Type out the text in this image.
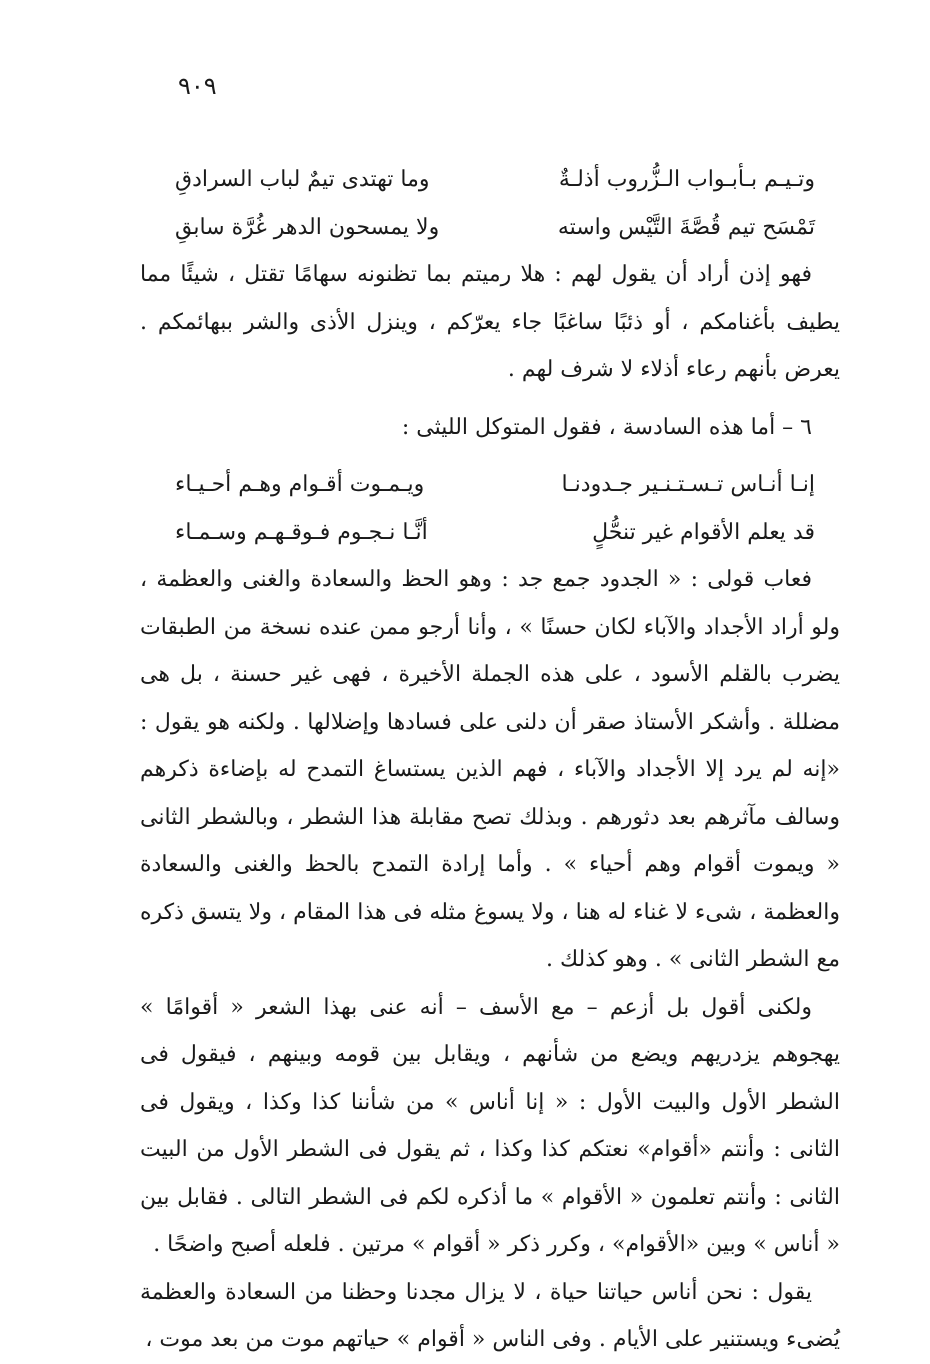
٩٠٩
وتـيـم بـأبـواب الـزُّروب أذلـةٌ
وما تهتدى تيمٌ لباب السرادقِ
تَمْسَح تيم قُصَّةَ التَّيْس واسته
ولا يمسحون الدهر غُرَّة سابقِ

فهو إذن أراد أن يقول لهم : هلا رميتم بما تظنونه سهامًا تقتل ، شيئًا مما يطيف بأغنامكم ، أو ذئبًا ساغبًا جاء يعرّكم ، وينزل الأذى والشر ببهائمكم . يعرض بأنهم رعاء أذلاء لا شرف لهم .

٦ – أما هذه السادسة ، فقول المتوكل الليثى :

إنـا أنـاس تـسـتـنـير جـدودنـا
ويـمـوت أقـوام وهـم أحـيـاء
قد يعلم الأقوام غير تنحُّلٍ
أنَّـا نـجـوم فـوقـهـم وسـمـاء

فعاب قولى : « الجدود جمع جد : وهو الحظ والسعادة والغنى والعظمة ، ولو أراد الأجداد والآباء لكان حسنًا » ، وأنا أرجو ممن عنده نسخة من الطبقات يضرب بالقلم الأسود ، على هذه الجملة الأخيرة ، فهى غير حسنة ، بل هى مضللة . وأشكر الأستاذ صقر أن دلنى على فسادها وإضلالها . ولكنه هو يقول : «إنه لم يرد إلا الأجداد والآباء ، فهم الذين يستساغ التمدح له بإضاءة ذكرهم وسالف مآثرهم بعد دثورهم . وبذلك تصح مقابلة هذا الشطر ، وبالشطر الثانى « ويموت أقوام وهم أحياء » . وأما إرادة التمدح بالحظ والغنى والسعادة والعظمة ، شىء لا غناء له هنا ، ولا يسوغ مثله فى هذا المقام ، ولا يتسق ذكره مع الشطر الثانى » . وهو كذلك .

ولكنى أقول بل أزعم – مع الأسف – أنه عنى بهذا الشعر « أقوامًا » يهجوهم يزدريهم ويضع من شأنهم ، ويقابل بين قومه وبينهم ، فيقول فى الشطر الأول والبيت الأول : « إنا أناس » من شأننا كذا وكذا ، ويقول فى الثانى : وأنتم «أقوام» نعتكم كذا وكذا ، ثم يقول فى الشطر الأول من البيت الثانى : وأنتم تعلمون « الأقوام » ما أذكره لكم فى الشطر التالى . فقابل بين « أناس » وبين «الأقوام» ، وكرر ذكر « أقوام » مرتين . فلعله أصبح واضحًا .

يقول : نحن أناس حياتنا حياة ، لا يزال مجدنا وحظنا من السعادة والعظمة يُضىء ويستنير على الأيام . وفى الناس « أقوام » حياتهم موت من بعد موت ،
